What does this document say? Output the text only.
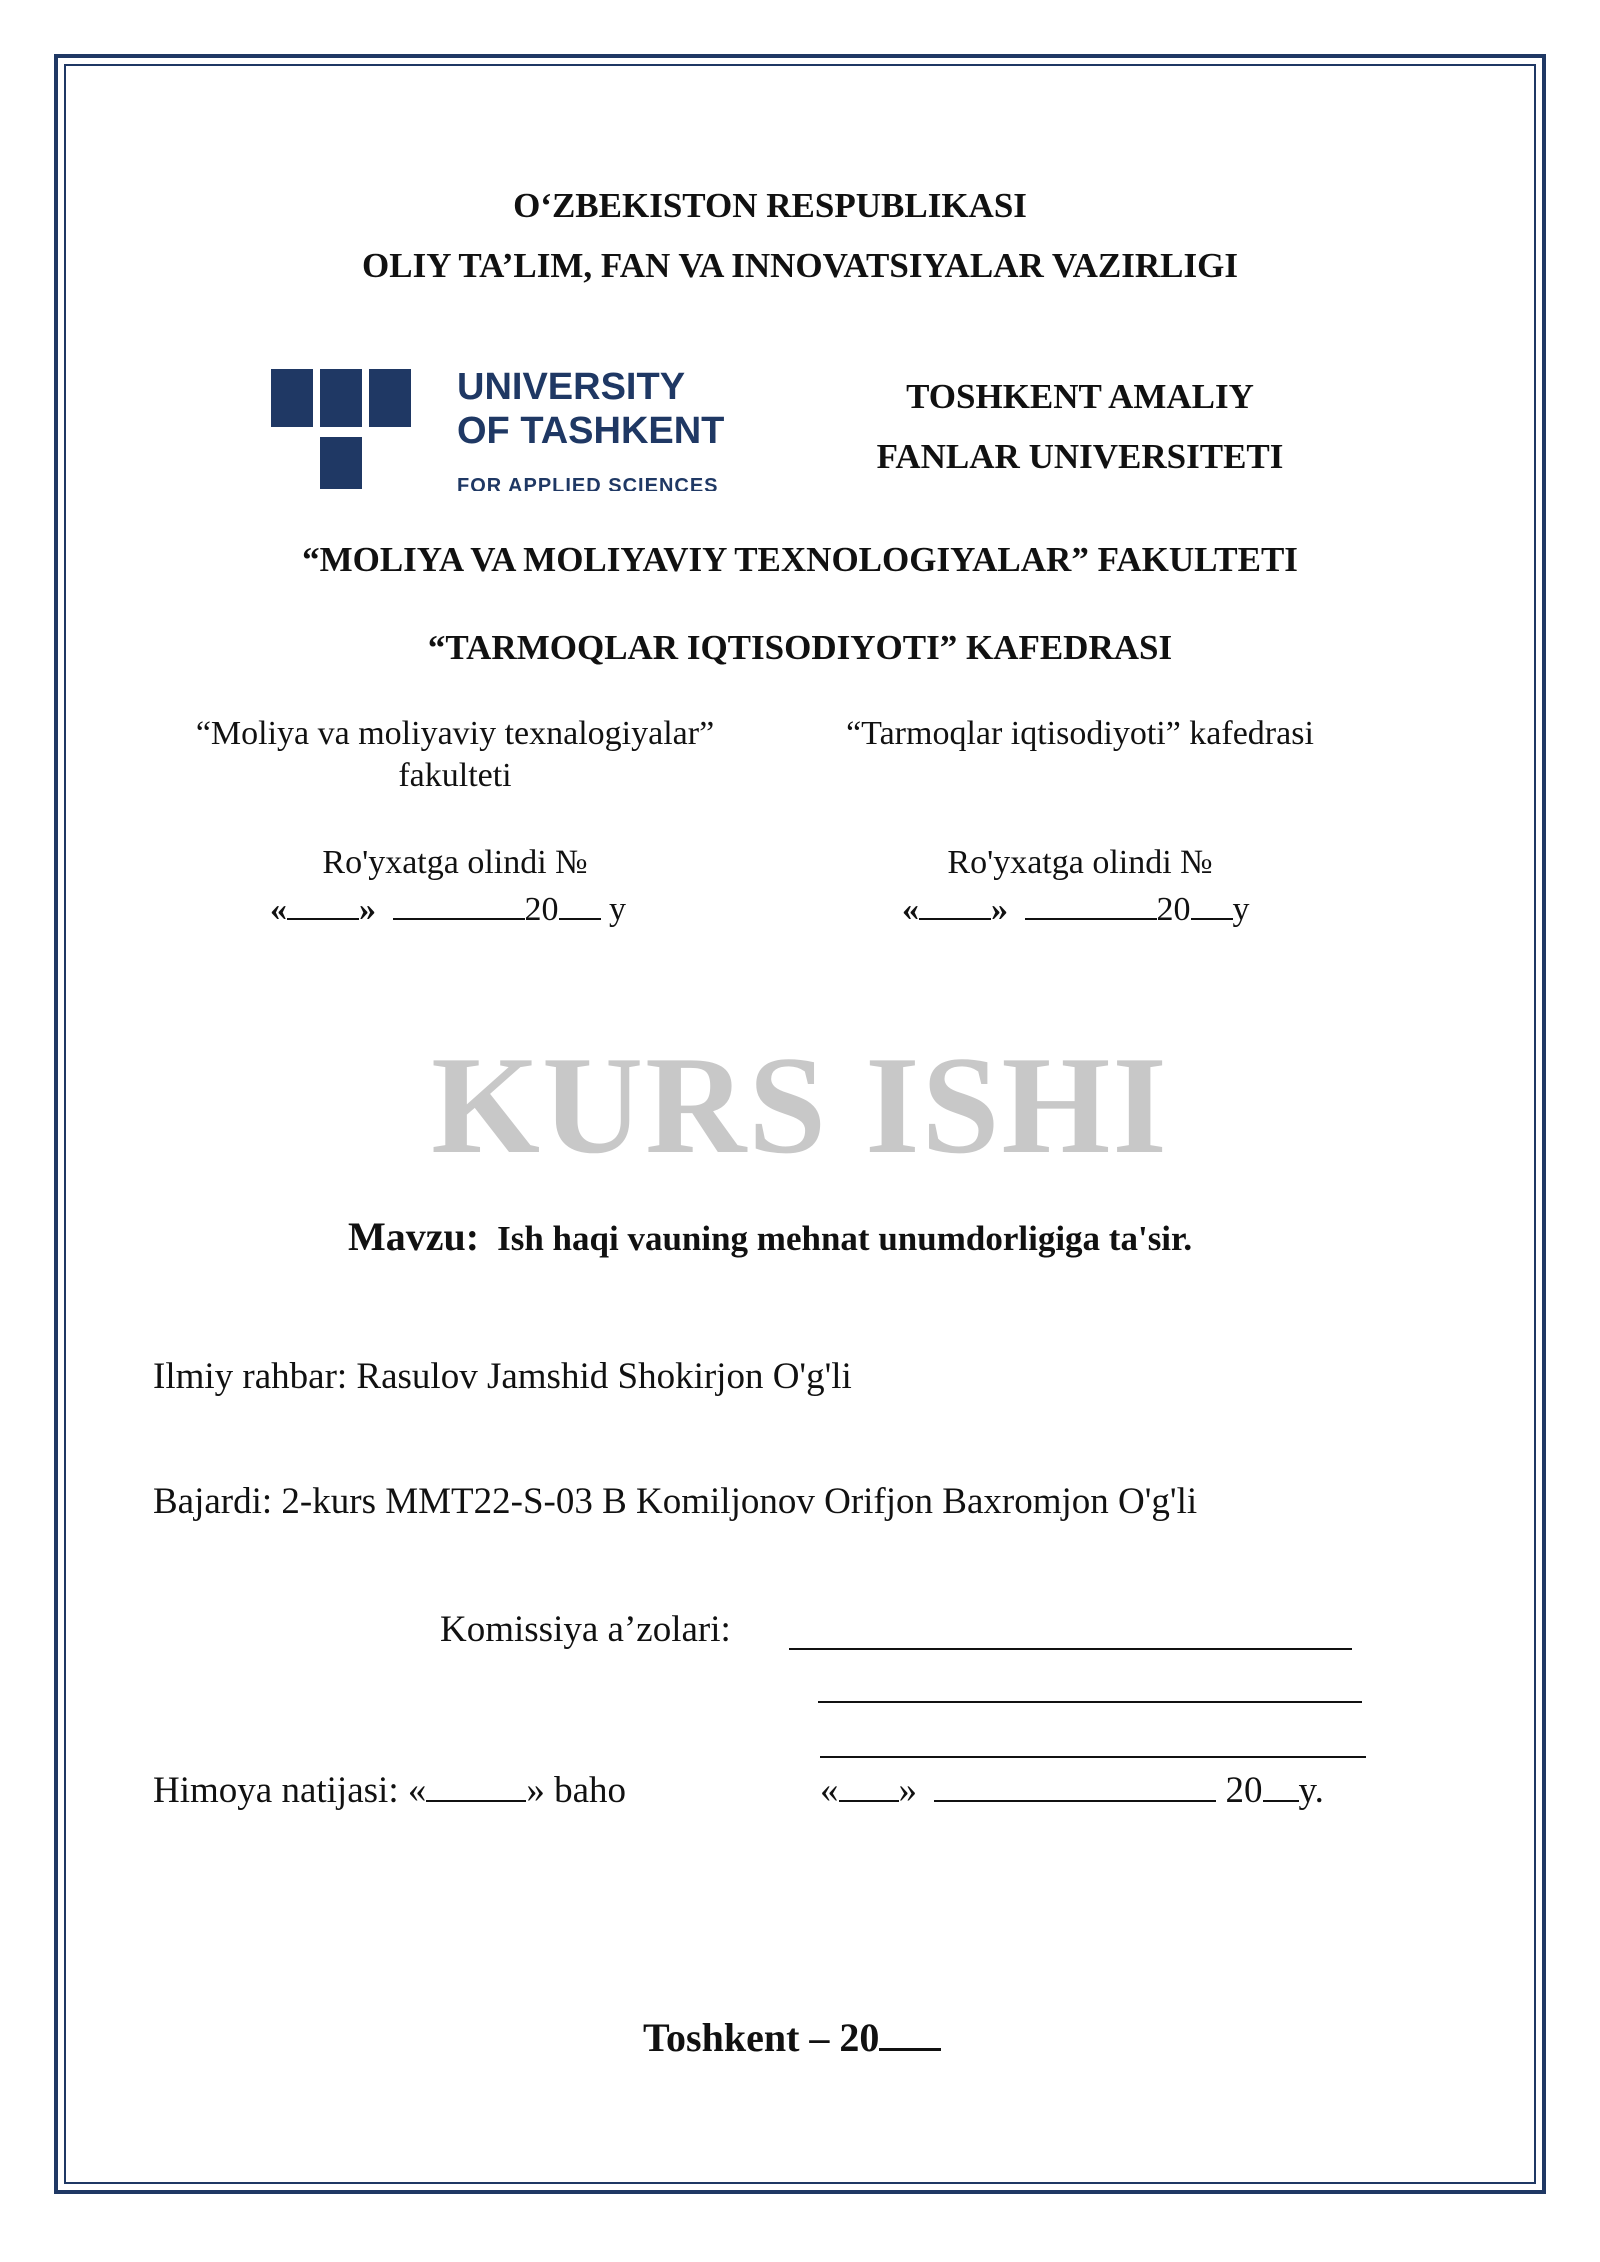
O‘ZBEKISTON RESPUBLIKASI
OLIY TA’LIM, FAN VA INNOVATSIYALAR VAZIRLIGI
UNIVERSITY
OF TASHKENT
FOR APPLIED SCIENCES
TOSHKENT AMALIY
FANLAR UNIVERSITETI
“MOLIYA VA MOLIYAVIY TEXNOLOGIYALAR” FAKULTETI
“TARMOQLAR IQTISODIYOTI” KAFEDRASI
“Moliya va moliyaviy texnalogiyalar”
fakulteti
Ro'yxatga olindi №
« »	20 y
“Tarmoqlar iqtisodiyoti” kafedrasi
Ro'yxatga olindi №
« »	20 y
KURS ISHI
Mavzu: Ish haqi vauning mehnat unumdorligiga ta'sir.
Ilmiy rahbar: Rasulov Jamshid Shokirjon O'g'li
Bajardi: 2-kurs MMT22-S-03 B Komiljonov Orifjon Baxromjon O'g'li
Komissiya a’zolari:
Himoya natijasi: «	» baho	« »	20 y.
Toshkent – 20
